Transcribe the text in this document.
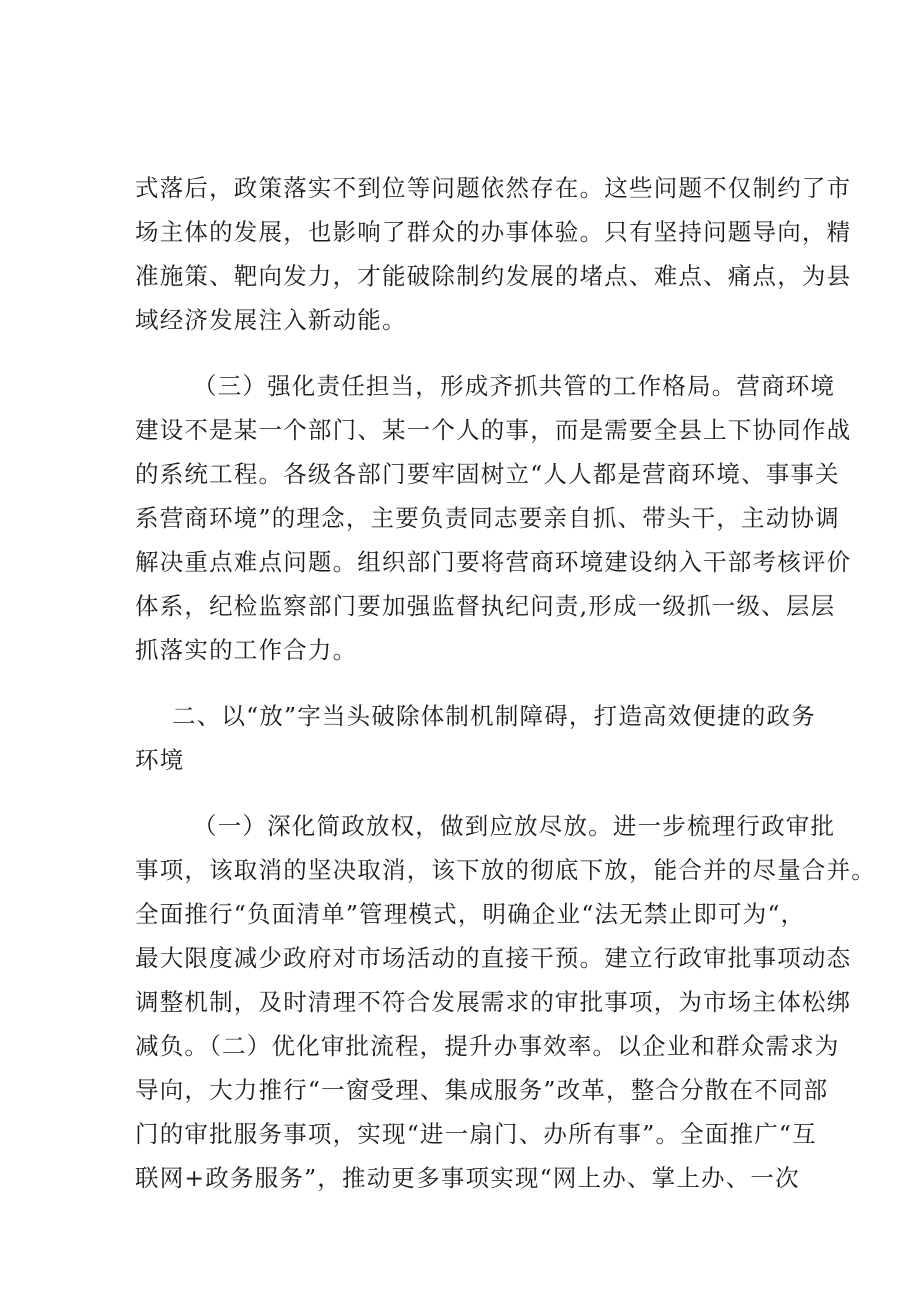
式落后，政策落实不到位等问题依然存在。这些问题不仅制约了市
场主体的发展，也影响了群众的办事体验。只有坚持问题导向，精
准施策、靶向发力，才能破除制约发展的堵点、难点、痛点，为县
域经济发展注入新动能。
（三）强化责任担当，形成齐抓共管的工作格局。营商环境
建设不是某一个部门、某一个人的事，而是需要全县上下协同作战
的系统工程。各级各部门要牢固树立“人人都是营商环境、事事关
系营商环境”的理念，主要负责同志要亲自抓、带头干，主动协调
解决重点难点问题。组织部门要将营商环境建设纳入干部考核评价
体系，纪检监察部门要加强监督执纪问责,形成一级抓一级、层层
抓落实的工作合力。
二、以“放”字当头破除体制机制障碍，打造高效便捷的政务
环境
（一）深化简政放权，做到应放尽放。进一步梳理行政审批
事项，该取消的坚决取消，该下放的彻底下放，能合并的尽量合并。
全面推行“负面清单”管理模式，明确企业“法无禁止即可为“，
最大限度减少政府对市场活动的直接干预。建立行政审批事项动态
调整机制，及时清理不符合发展需求的审批事项，为市场主体松绑
减负。（二）优化审批流程，提升办事效率。以企业和群众需求为
导向，大力推行“一窗受理、集成服务”改革，整合分散在不同部
门的审批服务事项，实现“进一扇门、办所有事”。全面推广“互
联网+政务服务”，推动更多事项实现“网上办、掌上办、一次
